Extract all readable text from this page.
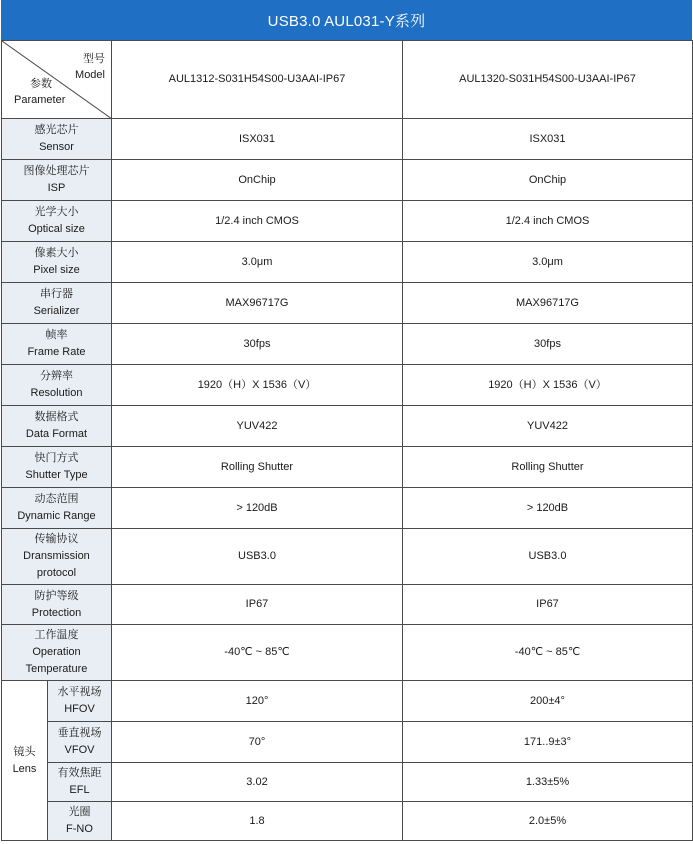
USB3.0 AUL031-Y系列
型号
Model
参数
Parameter		AUL1312-S031H54S00-U3AAI-IP67	AUL1320-S031H54S00-U3AAI-IP67

感光芯片
Sensor		ISX031	ISX031

图像处理芯片
ISP		OnChip	OnChip

光学大小
Optical size		1/2.4 inch CMOS	1/2.4 inch CMOS

像素大小
Pixel size		3.0μm	3.0μm

串行器
Serializer		MAX96717G	MAX96717G

帧率
Frame Rate		30fps	30fps

分辨率
Resolution		1920（H）X 1536（V）	1920（H）X 1536（V）

数据格式
Data Format		YUV422	YUV422

快门方式
Shutter Type		Rolling Shutter	Rolling Shutter

动态范围
Dynamic Range		> 120dB	> 120dB

传输协议
Dransmission
protocol		USB3.0	USB3.0

防护等级
Protection		IP67	IP67

工作温度
Operation
Temperature		-40℃ ~ 85℃	-40℃ ~ 85℃

镜头
Lens	水平视场
HFOV	120°	200±4°

	垂直视场
VFOV	70°	171..9±3°

	有效焦距
EFL	3.02	1.33±5%

	光圈
F-NO	1.8	2.0±5%
